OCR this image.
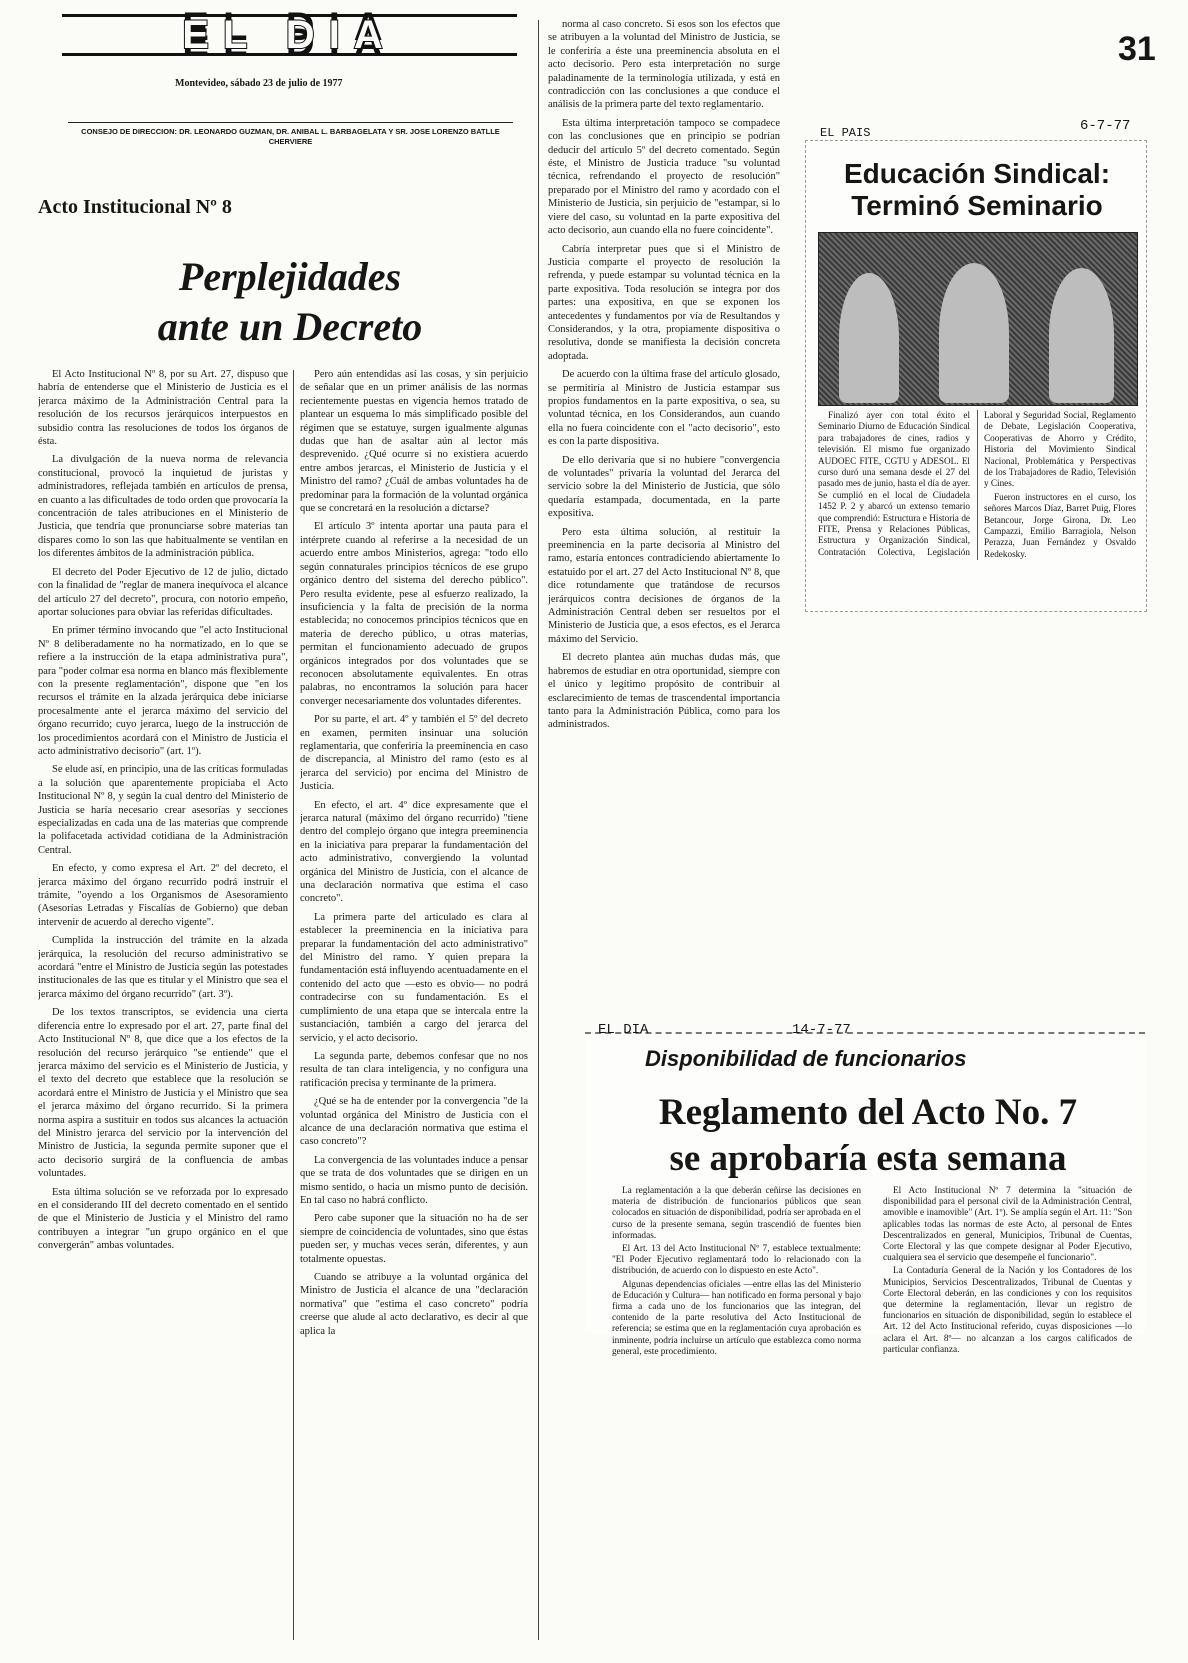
EL DIA
Montevideo, sábado 23 de julio de 1977
CONSEJO DE DIRECCION: DR. LEONARDO GUZMAN, DR. ANIBAL L. BARBAGELATA Y SR. JOSE LORENZO BATLLE CHERVIERE
31
Acto Institucional Nº 8
Perplejidades
ante un Decreto

El Acto Institucional Nº 8, por su Art. 27, dispuso que habría de entenderse que el Ministerio de Justicia es el jerarca máximo de la Administración Central para la resolución de los recursos jerárquicos interpuestos en subsidio contra las resoluciones de todos los órganos de ésta.

La divulgación de la nueva norma de relevancia constitucional, provocó la inquietud de juristas y administradores, reflejada también en artículos de prensa, en cuanto a las dificultades de todo orden que provocaría la concentración de tales atribuciones en el Ministerio de Justicia, que tendría que pronunciarse sobre materias tan dispares como lo son las que habitualmente se ventilan en los diferentes ámbitos de la administración pública.

El decreto del Poder Ejecutivo de 12 de julio, dictado con la finalidad de "reglar de manera inequívoca el alcance del artículo 27 del decreto", procura, con notorio empeño, aportar soluciones para obviar las referidas dificultades.

En primer término invocando que "el acto Institucional Nº 8 deliberadamente no ha normatizado, en lo que se refiere a la instrucción de la etapa administrativa pura", para "poder colmar esa norma en blanco más flexiblemente con la presente reglamentación", dispone que "en los recursos el trámite en la alzada jerárquica debe iniciarse procesalmente ante el jerarca máximo del servicio del órgano recurrido; cuyo jerarca, luego de la instrucción de los procedimientos acordará con el Ministro de Justicia el acto administrativo decisorio" (art. 1º).

Se elude así, en principio, una de las críticas formuladas a la solución que aparentemente propiciaba el Acto Institucional Nº 8, y según la cual dentro del Ministerio de Justicia se haría necesario crear asesorías y secciones especializadas en cada una de las materias que comprende la polifacetada actividad cotidiana de la Administración Central.

En efecto, y como expresa el Art. 2º del decreto, el jerarca máximo del órgano recurrido podrá instruir el trámite, "oyendo a los Organismos de Asesoramiento (Asesorías Letradas y Fiscalías de Gobierno) que deban intervenir de acuerdo al derecho vigente".

Cumplida la instrucción del trámite en la alzada jerárquica, la resolución del recurso administrativo se acordará "entre el Ministro de Justicia según las potestades institucionales de las que es titular y el Ministro que sea el jerarca máximo del órgano recurrido" (art. 3º).

De los textos transcriptos, se evidencia una cierta diferencia entre lo expresado por el art. 27, parte final del Acto Institucional Nº 8, que dice que a los efectos de la resolución del recurso jerárquico "se entiende" que el jerarca máximo del servicio es el Ministerio de Justicia, y el texto del decreto que establece que la resolución se acordará entre el Ministro de Justicia y el Ministro que sea el jerarca máximo del órgano recurrido. Si la primera norma aspira a sustituir en todos sus alcances la actuación del Ministro jerarca del servicio por la intervención del Ministro de Justicia, la segunda permite suponer que el acto decisorio surgirá de la confluencia de ambas voluntades.

Esta última solución se ve reforzada por lo expresado en el considerando III del decreto comentado en el sentido de que el Ministerio de Justicia y el Ministro del ramo contribuyen a integrar "un grupo orgánico en el que convergerán" ambas voluntades.

Pero aún entendidas así las cosas, y sin perjuicio de señalar que en un primer análisis de las normas recientemente puestas en vigencia hemos tratado de plantear un esquema lo más simplificado posible del régimen que se estatuye, surgen igualmente algunas dudas que han de asaltar aún al lector más desprevenido. ¿Qué ocurre si no existiera acuerdo entre ambos jerarcas, el Ministerio de Justicia y el Ministro del ramo? ¿Cuál de ambas voluntades ha de predominar para la formación de la voluntad orgánica que se concretará en la resolución a dictarse?

El artículo 3º intenta aportar una pauta para el intérprete cuando al referirse a la necesidad de un acuerdo entre ambos Ministerios, agrega: "todo ello según connaturales principios técnicos de ese grupo orgánico dentro del sistema del derecho público". Pero resulta evidente, pese al esfuerzo realizado, la insuficiencia y la falta de precisión de la norma establecida; no conocemos principios técnicos que en materia de derecho público, u otras materias, permitan el funcionamiento adecuado de grupos orgánicos integrados por dos voluntades que se reconocen absolutamente equivalentes. En otras palabras, no encontramos la solución para hacer converger necesariamente dos voluntades diferentes.

Por su parte, el art. 4º y también el 5º del decreto en examen, permiten insinuar una solución reglamentaria, que conferiría la preeminencia en caso de discrepancia, al Ministro del ramo (esto es al jerarca del servicio) por encima del Ministro de Justicia.

En efecto, el art. 4º dice expresamente que el jerarca natural (máximo del órgano recurrido) "tiene dentro del complejo órgano que integra preeminencia en la iniciativa para preparar la fundamentación del acto administrativo, convergiendo la voluntad orgánica del Ministro de Justicia, con el alcance de una declaración normativa que estima el caso concreto".

La primera parte del articulado es clara al establecer la preeminencia en la iniciativa para preparar la fundamentación del acto administrativo" del Ministro del ramo. Y quien prepara la fundamentación está influyendo acentuadamente en el contenido del acto que —esto es obvio— no podrá contradecirse con su fundamentación. Es el cumplimiento de una etapa que se intercala entre la sustanciación, también a cargo del jerarca del servicio, y el acto decisorio.

La segunda parte, debemos confesar que no nos resulta de tan clara inteligencia, y no configura una ratificación precisa y terminante de la primera.

¿Qué se ha de entender por la convergencia "de la voluntad orgánica del Ministro de Justicia con el alcance de una declaración normativa que estima el caso concreto"?

La convergencia de las voluntades induce a pensar que se trata de dos voluntades que se dirigen en un mismo sentido, o hacia un mismo punto de decisión. En tal caso no habrá conflicto.

Pero cabe suponer que la situación no ha de ser siempre de coincidencia de voluntades, sino que éstas pueden ser, y muchas veces serán, diferentes, y aun totalmente opuestas.

Cuando se atribuye a la voluntad orgánica del Ministro de Justicia el alcance de una "declaración normativa" que "estima el caso concreto" podría creerse que alude al acto declarativo, es decir al que aplica la

norma al caso concreto. Si esos son los efectos que se atribuyen a la voluntad del Ministro de Justicia, se le conferiría a éste una preeminencia absoluta en el acto decisorio. Pero esta interpretación no surge paladinamente de la terminología utilizada, y está en contradicción con las conclusiones a que conduce el análisis de la primera parte del texto reglamentario.

Esta última interpretación tampoco se compadece con las conclusiones que en principio se podrían deducir del artículo 5º del decreto comentado. Según éste, el Ministro de Justicia traduce "su voluntad técnica, refrendando el proyecto de resolución" preparado por el Ministro del ramo y acordado con el Ministerio de Justicia, sin perjuicio de "estampar, si lo viere del caso, su voluntad en la parte expositiva del acto decisorio, aun cuando ella no fuere coincidente".

Cabría interpretar pues que si el Ministro de Justicia comparte el proyecto de resolución la refrenda, y puede estampar su voluntad técnica en la parte expositiva. Toda resolución se integra por dos partes: una expositiva, en que se exponen los antecedentes y fundamentos por vía de Resultandos y Considerandos, y la otra, propiamente dispositiva o resolutiva, donde se manifiesta la decisión concreta adoptada.

De acuerdo con la última frase del artículo glosado, se permitiría al Ministro de Justicia estampar sus propios fundamentos en la parte expositiva, o sea, su voluntad técnica, en los Considerandos, aun cuando ella no fuera coincidente con el "acto decisorio", esto es con la parte dispositiva.

De ello derivaría que si no hubiere "convergencia de voluntades" privaría la voluntad del Jerarca del servicio sobre la del Ministerio de Justicia, que sólo quedaría estampada, documentada, en la parte expositiva.

Pero esta última solución, al restituir la preeminencia en la parte decisoria al Ministro del ramo, estaría entonces contradiciendo abiertamente lo estatuido por el art. 27 del Acto Institucional Nº 8, que dice rotundamente que tratándose de recursos jerárquicos contra decisiones de órganos de la Administración Central deben ser resueltos por el Ministerio de Justicia que, a esos efectos, es el Jerarca máximo del Servicio.

El decreto plantea aún muchas dudas más, que habremos de estudiar en otra oportunidad, siempre con el único y legítimo propósito de contribuir al esclarecimiento de temas de trascendental importancia tanto para la Administración Pública, como para los administrados.

EL PAIS	6-7-77
Educación Sindical:
Terminó Seminario

Finalizó ayer con total éxito el Seminario Diurno de Educación Sindical para trabajadores de cines, radios y televisión. El mismo fue organizado AUDOEC FITE, CGTU y ADESOL. El curso duró una semana desde el 27 del pasado mes de junio, hasta el día de ayer. Se cumplió en el local de Ciudadela 1452 P. 2 y abarcó un extenso temario que comprendió: Estructura e Historia de FITE, Prensa y Relaciones Públicas, Estructura y Organización Sindical, Contratación Colectiva, Legislación Laboral y Seguridad Social, Reglamento de Debate, Legislación Cooperativa, Cooperativas de Ahorro y Crédito, Historia del Movimiento Sindical Nacional, Problemática y Perspectivas de los Trabajadores de Radio, Televisión y Cines.

Fueron instructores en el curso, los señores Marcos Díaz, Barret Puig, Flores Betancour, Jorge Girona, Dr. Leo Campazzi, Emilio Barragiola, Nelson Perazza, Juan Fernández y Osvaldo Redekosky.

EL DIA	14-7-77
Disponibilidad de funcionarios
Reglamento del Acto No. 7
se aprobaría esta semana

La reglamentación a la que deberán ceñirse las decisiones en materia de distribución de funcionarios públicos que sean colocados en situación de disponibilidad, podría ser aprobada en el curso de la presente semana, según trascendió de fuentes bien informadas.

El Art. 13 del Acto Institucional Nº 7, establece textualmente: "El Poder Ejecutivo reglamentará todo lo relacionado con la distribución, de acuerdo con lo dispuesto en este Acto".

Algunas dependencias oficiales —entre ellas las del Ministerio de Educación y Cultura— han notificado en forma personal y bajo firma a cada uno de los funcionarios que las integran, del contenido de la parte resolutiva del Acto Institucional de referencia; se estima que en la reglamentación cuya aprobación es inminente, podría incluirse un artículo que establezca como norma general, este procedimiento.

El Acto Institucional Nº 7 determina la "situación de disponibilidad para el personal civil de la Administración Central, amovible e inamovible" (Art. 1º). Se amplía según el Art. 11: "Son aplicables todas las normas de este Acto, al personal de Entes Descentralizados en general, Municipios, Tribunal de Cuentas, Corte Electoral y las que compete designar al Poder Ejecutivo, cualquiera sea el servicio que desempeñe el funcionario".

La Contaduría General de la Nación y los Contadores de los Municipios, Servicios Descentralizados, Tribunal de Cuentas y Corte Electoral deberán, en las condiciones y con los requisitos que determine la reglamentación, llevar un registro de funcionarios en situación de disponibilidad, según lo establece el Art. 12 del Acto Institucional referido, cuyas disposiciones —lo aclara el Art. 8º— no alcanzan a los cargos calificados de particular confianza.
